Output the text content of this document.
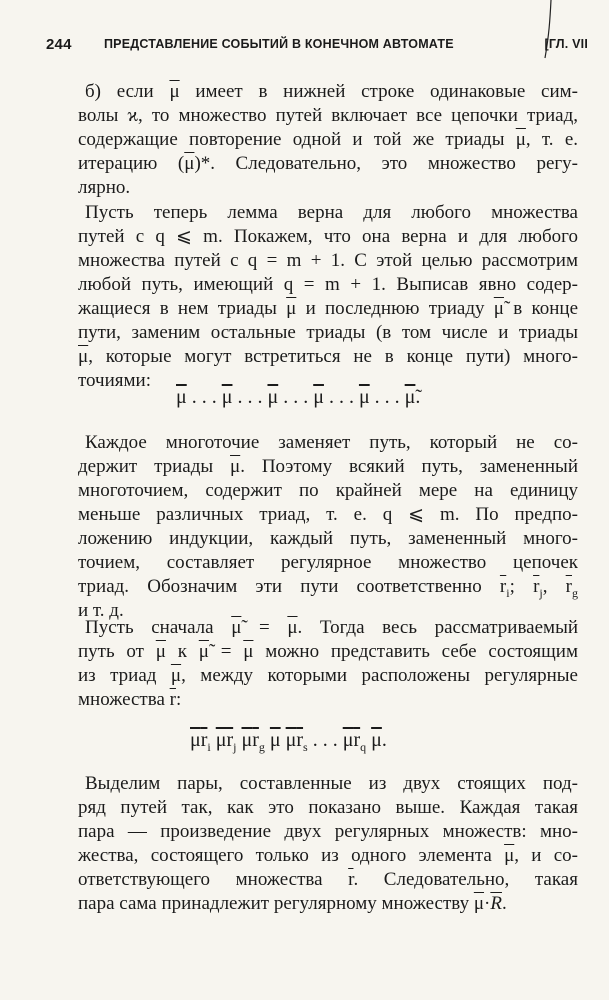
244	ПРЕДСТАВЛЕНИЕ СОБЫТИЙ В КОНЕЧНОМ АВТОМАТЕ	[ГЛ. VII
б) если $\overline{\mu}$ имеет в нижней строке одинаковые сим-
волы ϰ, то множество путей включает все цепочки триад,
содержащие повторение одной и той же триады $\overline{\mu}$, т. е.
итерацию $(\overline{\mu})*$. Следовательно, это множество регу-
лярно.
Пусть теперь лемма верна для любого множества
путей с q ⩽ m. Покажем, что она верна и для любого
множества путей с q = m + 1. С этой целью рассмотрим
любой путь, имеющий q = m + 1. Выписав явно содер-
жащиеся в нем триады $\overline{\mu}$ и последнюю триаду μ̃ в конце
пути, заменим остальные триады (в том числе и триады
$\overline{\mu}$, которые могут встретиться не в конце пути) много-
точиями:
$\overline{\mu}$ . . . $\overline{\mu}$ . . . $\overline{\mu}$ . . . $\overline{\mu}$ . . . $\overline{\mu}$ . . . μ̃.
Каждое многоточие заменяет путь, который не со-
держит триады $\overline{\mu}$. Поэтому всякий путь, замененный
многоточием, содержит по крайней мере на единицу
меньше различных триад, т. е. q ⩽ m. По предпо-
ложению индукции, каждый путь, замененный много-
точием, составляет регулярное множество цепочек
триад. Обозначим эти пути соответственно $\overline{r}_i$; $\overline{r}_j$, $\overline{r}_g$
и т. д.
Пусть сначала μ̃ = $\overline{\mu}$. Тогда весь рассматриваемый
путь от $\overline{\mu}$ к μ̃ = $\overline{\mu}$ можно представить себе состоящим
из триад $\overline{\mu}$, между которыми расположены регулярные
множества $\overline{r}$:
$\overline{\mu}\overline{r}_i$ $\overline{\mu}\overline{r}_j$ $\overline{\mu}\overline{r}_g$ $\overline{\mu}$ $\overline{\mu}\overline{r}_s$ . . . $\overline{\mu}\overline{r}_q$ $\overline{\mu}$.
Выделим пары, составленные из двух стоящих под-
ряд путей так, как это показано выше. Каждая такая
пара — произведение двух регулярных множеств: мно-
жества, состоящего только из одного элемента $\overline{\mu}$, и со-
ответствующего множества $\overline{r}$. Следовательно, такая
пара сама принадлежит регулярному множеству $\overline{\mu}\cdot\overline{R}$.
